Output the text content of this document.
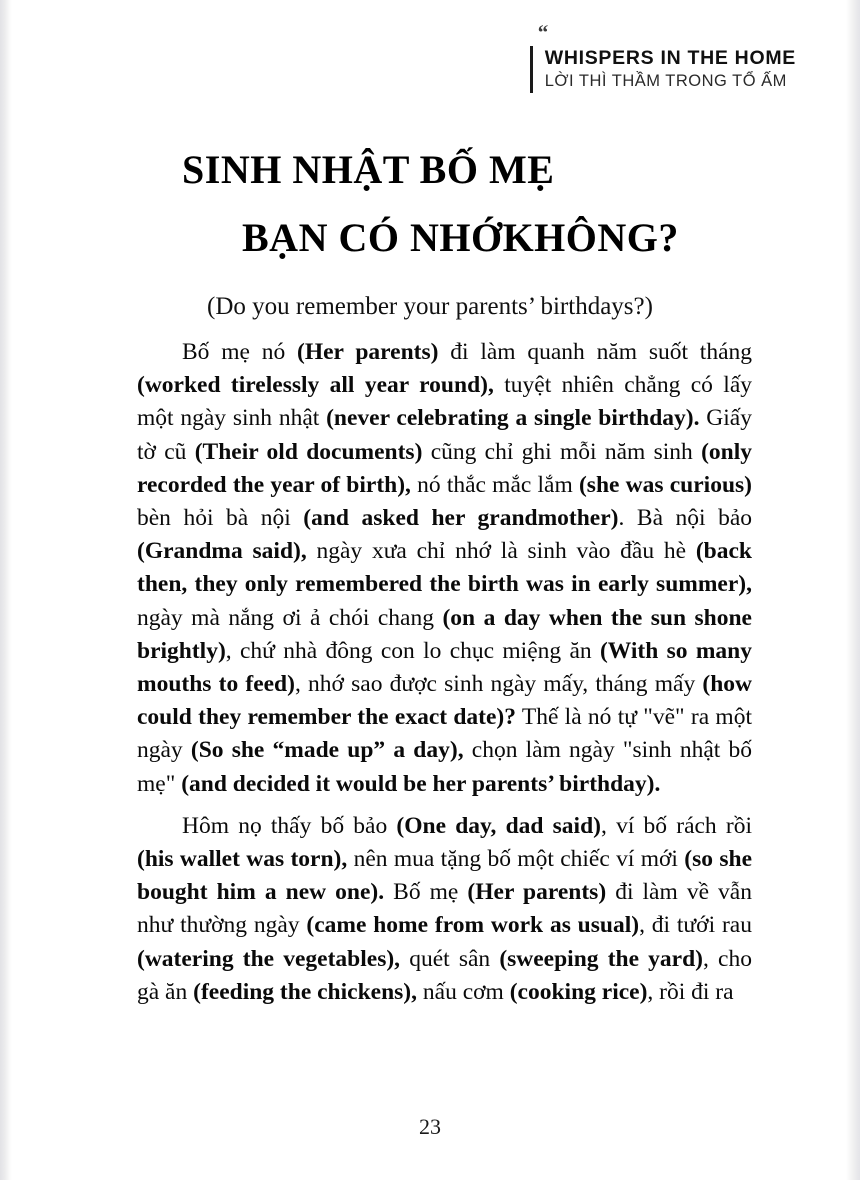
“
WHISPERS IN THE HOME
LỜI THÌ THẦM TRONG TỔ ẤM
SINH NHẬT BỐ MẸ
BẠN CÓ NHỚKHÔNG?
(Do you remember your parents’ birthdays?)

Bố mẹ nó (Her parents) đi làm quanh năm suốt tháng (worked tirelessly all year round), tuyệt nhiên chẳng có lấy một ngày sinh nhật (never celebrating a single birthday). Giấy tờ cũ (Their old documents) cũng chỉ ghi mỗi năm sinh (only recorded the year of birth), nó thắc mắc lắm (she was curious) bèn hỏi bà nội (and asked her grandmother). Bà nội bảo (Grandma said), ngày xưa chỉ nhớ là sinh vào đầu hè (back then, they only remembered the birth was in early summer), ngày mà nắng ơi ả chói chang (on a day when the sun shone brightly), chứ nhà đông con lo chục miệng ăn (With so many mouths to feed), nhớ sao được sinh ngày mấy, tháng mấy (how could they remember the exact date)? Thế là nó tự "vẽ" ra một ngày (So she “made up” a day), chọn làm ngày "sinh nhật bố mẹ" (and decided it would be her parents’ birthday).

Hôm nọ thấy bố bảo (One day, dad said), ví bố rách rồi (his wallet was torn), nên mua tặng bố một chiếc ví mới (so she bought him a new one). Bố mẹ (Her parents) đi làm về vẫn như thường ngày (came home from work as usual), đi tưới rau (watering the vegetables), quét sân (sweeping the yard), cho gà ăn (feeding the chickens), nấu cơm (cooking rice), rồi đi ra

23
